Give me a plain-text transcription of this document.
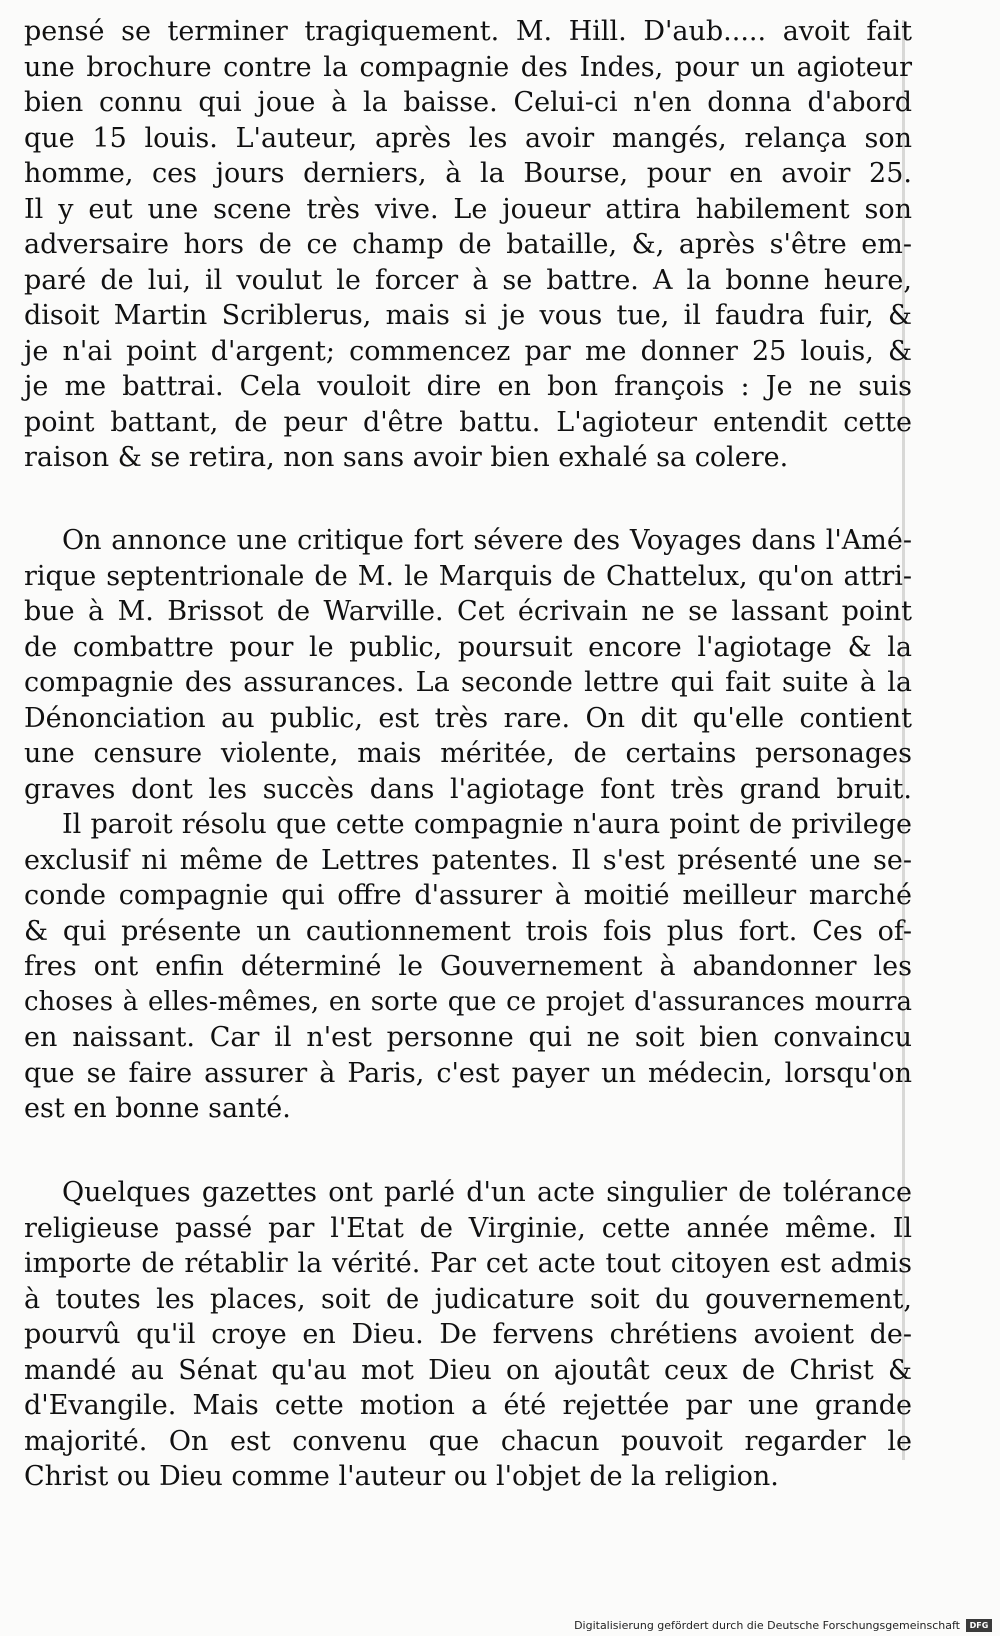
pensé se terminer tragiquement. M. Hill. D'aub..... avoit fait
une brochure contre la compagnie des Indes, pour un agioteur
bien connu qui joue à la baisse. Celui-ci n'en donna d'abord
que 15 louis. L'auteur, après les avoir mangés, relança son
homme, ces jours derniers, à la Bourse, pour en avoir 25.
Il y eut une scene très vive. Le joueur attira habilement son
adversaire hors de ce champ de bataille, &, après s'être em-
paré de lui, il voulut le forcer à se battre. A la bonne heure,
disoit Martin Scriblerus, mais si je vous tue, il faudra fuir, &
je n'ai point d'argent; commencez par me donner 25 louis, &
je me battrai. Cela vouloit dire en bon françois : Je ne suis
point battant, de peur d'être battu. L'agioteur entendit cette
raison & se retira, non sans avoir bien exhalé sa colere.
On annonce une critique fort sévere des Voyages dans l'Amé-
rique septentrionale de M. le Marquis de Chattelux, qu'on attri-
bue à M. Brissot de Warville. Cet écrivain ne se lassant point
de combattre pour le public, poursuit encore l'agiotage & la
compagnie des assurances. La seconde lettre qui fait suite à la
Dénonciation au public, est très rare. On dit qu'elle contient
une censure violente, mais méritée, de certains personages
graves dont les succès dans l'agiotage font très grand bruit.
Il paroit résolu que cette compagnie n'aura point de privilege
exclusif ni même de Lettres patentes. Il s'est présenté une se-
conde compagnie qui offre d'assurer à moitié meilleur marché
& qui présente un cautionnement trois fois plus fort. Ces of-
fres ont enfin déterminé le Gouvernement à abandonner les
choses à elles-mêmes, en sorte que ce projet d'assurances mourra
en naissant. Car il n'est personne qui ne soit bien convaincu
que se faire assurer à Paris, c'est payer un médecin, lorsqu'on
est en bonne santé.
Quelques gazettes ont parlé d'un acte singulier de tolérance
religieuse passé par l'Etat de Virginie, cette année même. Il
importe de rétablir la vérité. Par cet acte tout citoyen est admis
à toutes les places, soit de judicature soit du gouvernement,
pourvû qu'il croye en Dieu. De fervens chrétiens avoient de-
mandé au Sénat qu'au mot Dieu on ajoutât ceux de Christ &
d'Evangile. Mais cette motion a été rejettée par une grande
majorité. On est convenu que chacun pouvoit regarder le
Christ ou Dieu comme l'auteur ou l'objet de la religion.
Digitalisierung gefördert durch die Deutsche Forschungsgemeinschaft	DFG
